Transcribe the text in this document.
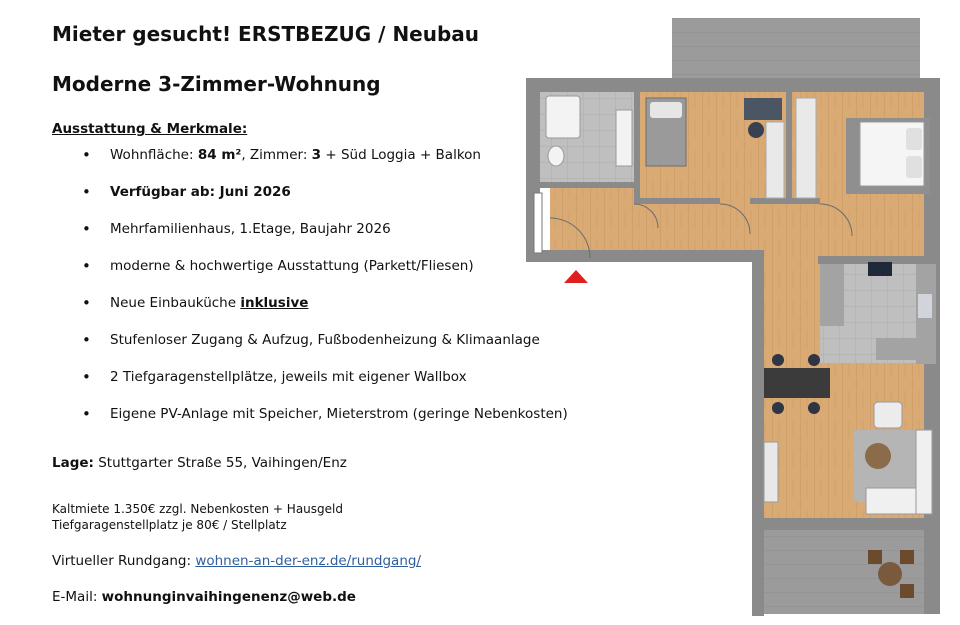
Mieter gesucht! ERSTBEZUG / Neubau
Moderne 3-Zimmer-Wohnung
Ausstattung & Merkmale:
• Wohnfläche: 84 m², Zimmer: 3 + Süd Loggia + Balkon
• Verfügbar ab: Juni 2026
• Mehrfamilienhaus, 1.Etage, Baujahr 2026
• moderne & hochwertige Ausstattung (Parkett/Fliesen)
• Neue Einbauküche inklusive
• Stufenloser Zugang & Aufzug, Fußbodenheizung & Klimaanlage
• 2 Tiefgaragenstellplätze, jeweils mit eigener Wallbox
• Eigene PV-Anlage mit Speicher, Mieterstrom (geringe Nebenkosten)
Lage: Stuttgarter Straße 55, Vaihingen/Enz
Kaltmiete 1.350€ zzgl. Nebenkosten + Hausgeld
Tiefgaragenstellplatz je 80€ / Stellplatz
Virtueller Rundgang: wohnen-an-der-enz.de/rundgang/
E-Mail: wohnunginvaihingenenz@web.de
